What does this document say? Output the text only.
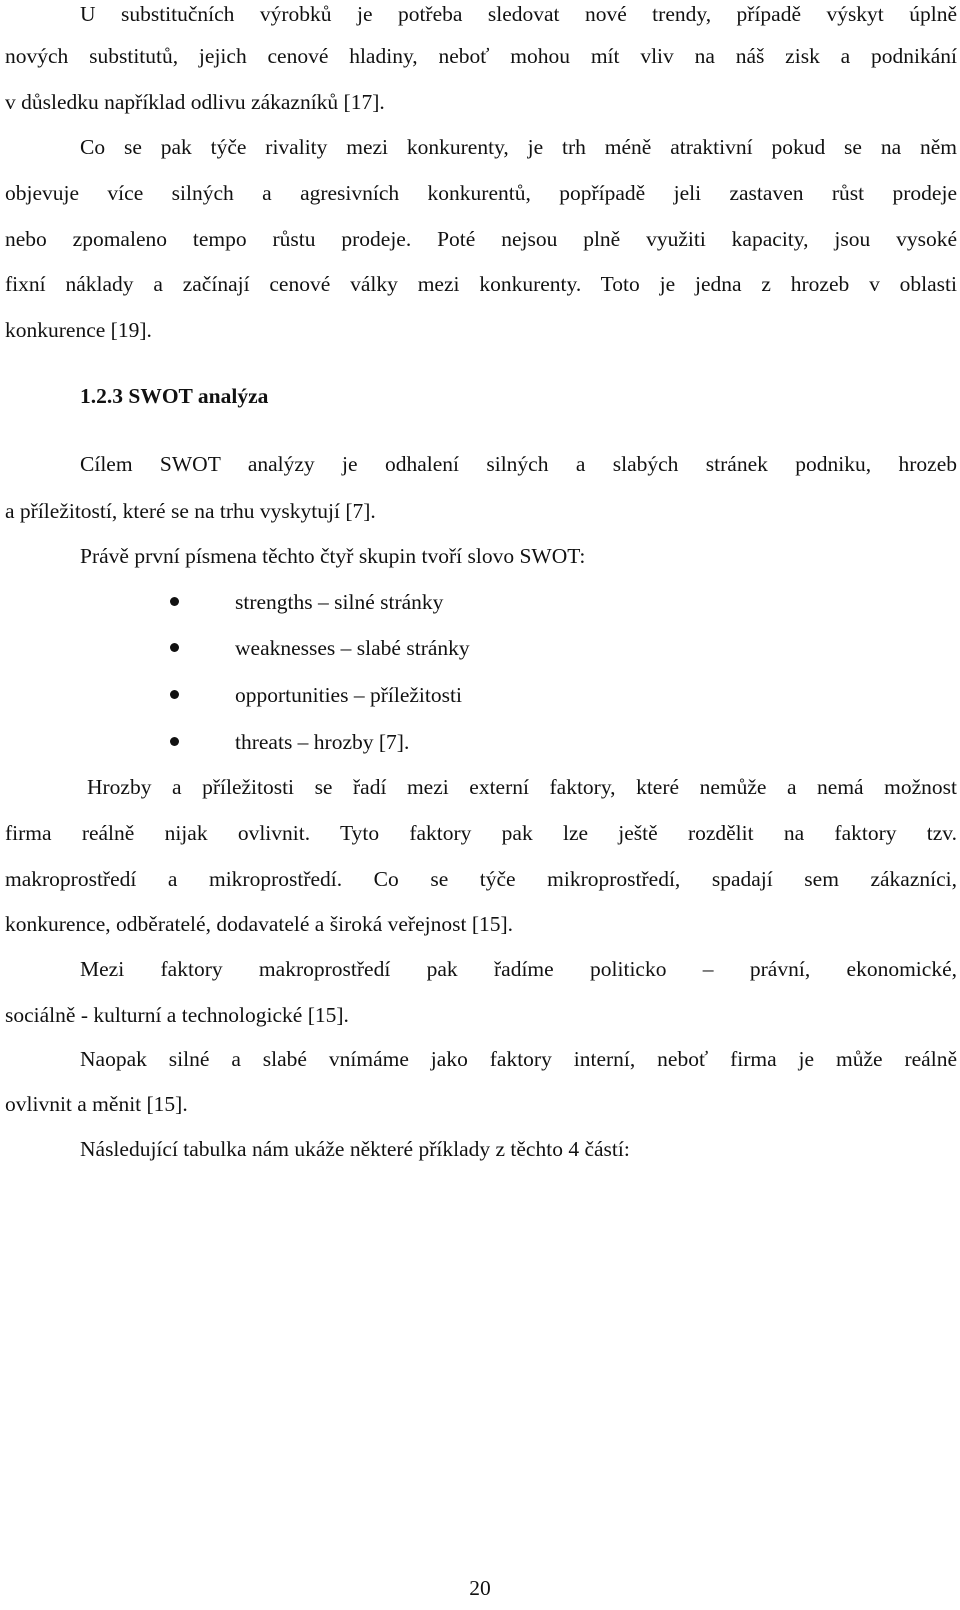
U substitučních výrobků je potřeba sledovat nové trendy, případě výskyt úplně
nových substitutů, jejich cenové hladiny, neboť mohou mít vliv na náš zisk a podnikání
v důsledku například odlivu zákazníků [17].
Co se pak týče rivality mezi konkurenty, je trh méně atraktivní pokud se na něm
objevuje více silných a agresivních konkurentů, popřípadě jeli zastaven růst prodeje
nebo zpomaleno tempo růstu prodeje. Poté nejsou plně využiti kapacity, jsou vysoké
fixní náklady a začínají cenové války mezi konkurenty. Toto je jedna z hrozeb v oblasti
konkurence [19].
1.2.3 SWOT analýza
Cílem SWOT analýzy je odhalení silných a slabých stránek podniku, hrozeb
a příležitostí, které se na trhu vyskytují [7].
Právě první písmena těchto čtyř skupin tvoří slovo SWOT:
strengths – silné stránky
weaknesses – slabé stránky
opportunities – příležitosti
threats – hrozby [7].
Hrozby a příležitosti se řadí mezi externí faktory, které nemůže a nemá možnost
firma reálně nijak ovlivnit. Tyto faktory pak lze ještě rozdělit na faktory tzv.
makroprostředí a mikroprostředí. Co se týče mikroprostředí, spadají sem zákazníci,
konkurence, odběratelé, dodavatelé a široká veřejnost [15].
Mezi faktory makroprostředí pak řadíme politicko – právní, ekonomické,
sociálně - kulturní a technologické [15].
Naopak silné a slabé vnímáme jako faktory interní, neboť firma je může reálně
ovlivnit a měnit [15].
Následující tabulka nám ukáže některé příklady z těchto 4 částí:
20
